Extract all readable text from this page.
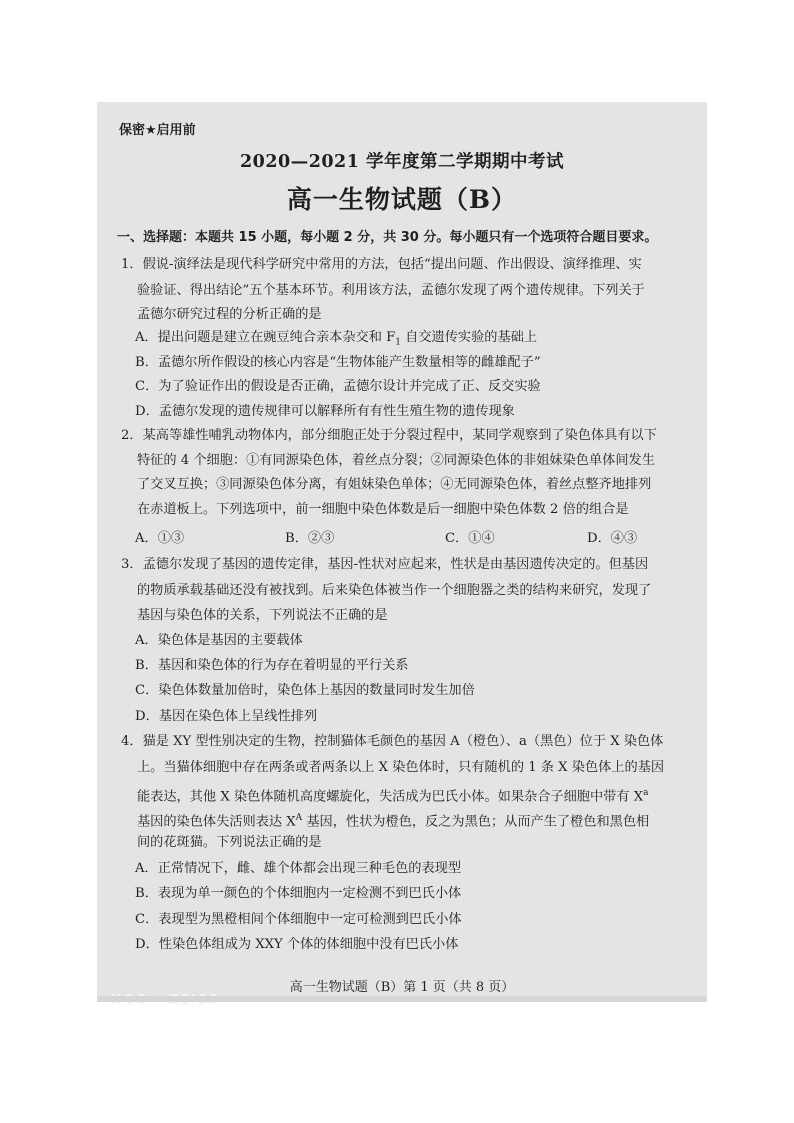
保密★启用前
2020—2021 学年度第二学期期中考试
高一生物试题（B）
一、选择题：本题共 15 小题，每小题 2 分，共 30 分。每小题只有一个选项符合题目要求。
1．假说-演绎法是现代科学研究中常用的方法，包括“提出问题、作出假设、演绎推理、实
验验证、得出结论”五个基本环节。利用该方法，孟德尔发现了两个遗传规律。下列关于
孟德尔研究过程的分析正确的是
A．提出问题是建立在豌豆纯合亲本杂交和 $F_1$ 自交遗传实验的基础上
B．孟德尔所作假设的核心内容是“生物体能产生数量相等的雌雄配子”
C．为了验证作出的假设是否正确，孟德尔设计并完成了正、反交实验
D．孟德尔发现的遗传规律可以解释所有有性生殖生物的遗传现象
2．某高等雄性哺乳动物体内，部分细胞正处于分裂过程中，某同学观察到了染色体具有以下
特征的 4 个细胞：①有同源染色体，着丝点分裂；②同源染色体的非姐妹染色单体间发生
了交叉互换；③同源染色体分离，有姐妹染色单体；④无同源染色体，着丝点整齐地排列
在赤道板上。下列选项中，前一细胞中染色体数是后一细胞中染色体数 2 倍的组合是
A．①③	B．②③	C．①④	D．④③
3．孟德尔发现了基因的遗传定律，基因-性状对应起来，性状是由基因遗传决定的。但基因
的物质承载基础还没有被找到。后来染色体被当作一个细胞器之类的结构来研究，发现了
基因与染色体的关系，下列说法不正确的是
A．染色体是基因的主要载体
B．基因和染色体的行为存在着明显的平行关系
C．染色体数量加倍时，染色体上基因的数量同时发生加倍
D．基因在染色体上呈线性排列
4．猫是 XY 型性别决定的生物，控制猫体毛颜色的基因 A（橙色）、a（黑色）位于 X 染色体
上。当猫体细胞中存在两条或者两条以上 X 染色体时，只有随机的 1 条 X 染色体上的基因
能表达，其他 X 染色体随机高度螺旋化，失活成为巴氏小体。如果杂合子细胞中带有 $X^a$
基因的染色体失活则表达 $X^A$ 基因，性状为橙色，反之为黑色；从而产生了橙色和黑色相
间的花斑猫。下列说法正确的是
A．正常情况下，雌、雄个体都会出现三种毛色的表现型
B．表现为单一颜色的个体细胞内一定检测不到巴氏小体
C．表现型为黑橙相间个体细胞中一定可检测到巴氏小体
D．性染色体组成为 XXY 个体的体细胞中没有巴氏小体
高一生物试题（B）第 1 页（共 8 页）
